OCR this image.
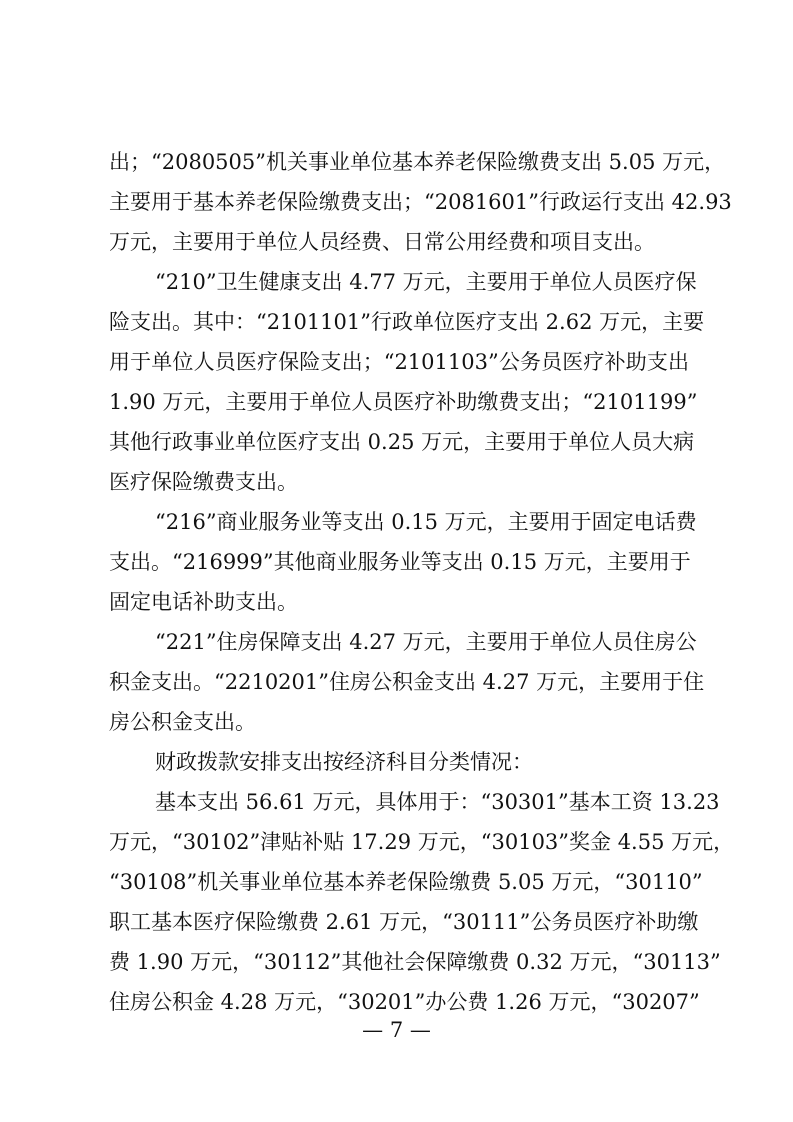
出；“2080505”机关事业单位基本养老保险缴费支出 5.05 万元，
主要用于基本养老保险缴费支出；“2081601”行政运行支出 42.93
万元，主要用于单位人员经费、日常公用经费和项目支出。
“210”卫生健康支出 4.77 万元，主要用于单位人员医疗保
险支出。其中：“2101101”行政单位医疗支出 2.62 万元，主要
用于单位人员医疗保险支出；“2101103”公务员医疗补助支出
1.90 万元，主要用于单位人员医疗补助缴费支出；“2101199”
其他行政事业单位医疗支出 0.25 万元，主要用于单位人员大病
医疗保险缴费支出。
“216”商业服务业等支出 0.15 万元，主要用于固定电话费
支出。“216999”其他商业服务业等支出 0.15 万元，主要用于
固定电话补助支出。
“221”住房保障支出 4.27 万元，主要用于单位人员住房公
积金支出。“2210201”住房公积金支出 4.27 万元，主要用于住
房公积金支出。
财政拨款安排支出按经济科目分类情况：
基本支出 56.61 万元，具体用于：“30301”基本工资 13.23
万元，“30102”津贴补贴 17.29 万元，“30103”奖金 4.55 万元，
“30108”机关事业单位基本养老保险缴费 5.05 万元，“30110”
职工基本医疗保险缴费 2.61 万元，“30111”公务员医疗补助缴
费 1.90 万元，“30112”其他社会保障缴费 0.32 万元，“30113”
住房公积金 4.28 万元，“30201”办公费 1.26 万元，“30207”
— 7 —
